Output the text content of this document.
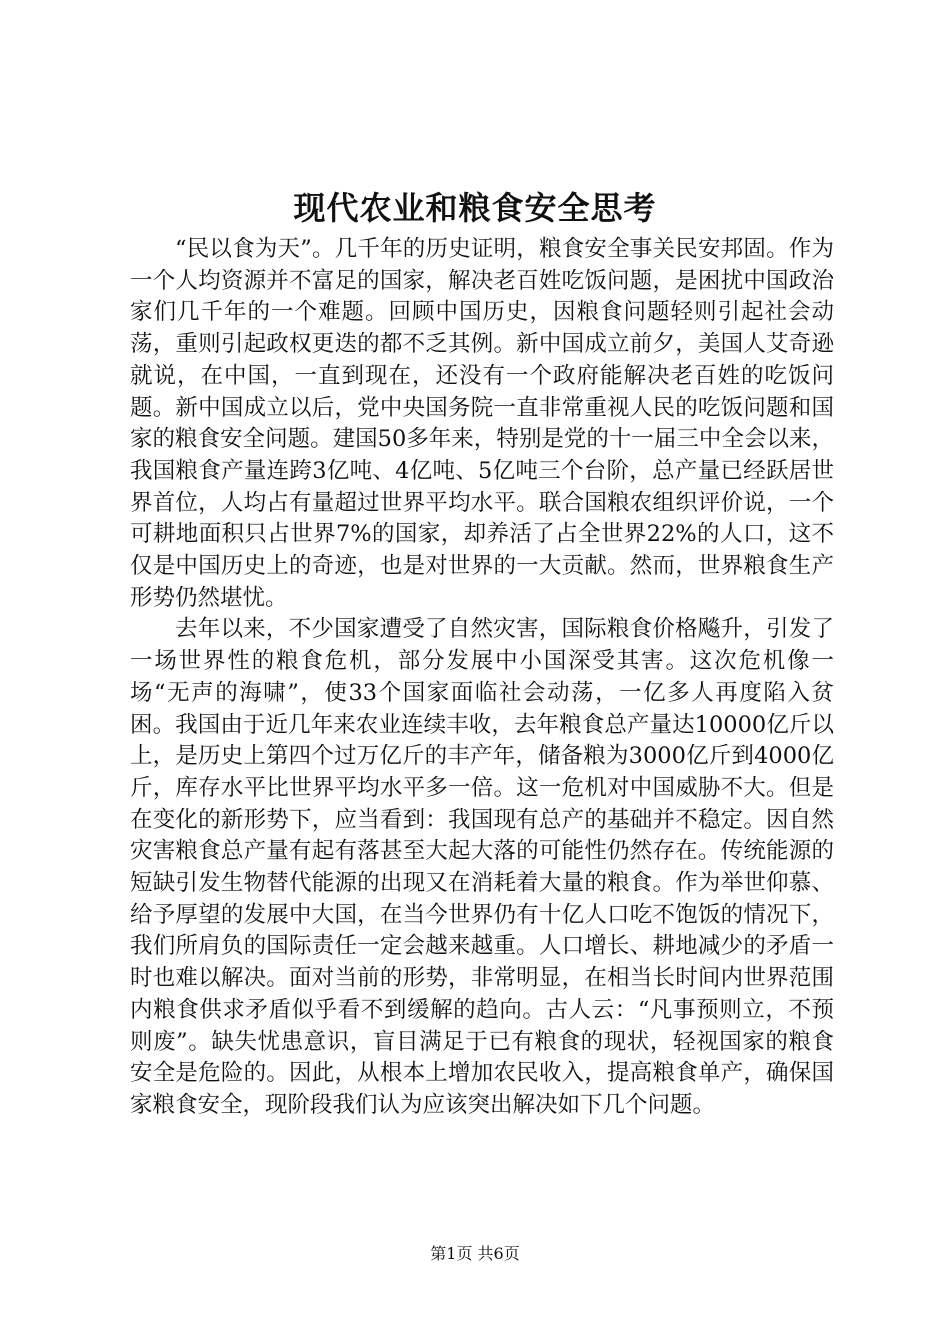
现代农业和粮食安全思考

“民以食为天”。几千年的历史证明，粮食安全事关民安邦固。作为一个人均资源并不富足的国家，解决老百姓吃饭问题，是困扰中国政治家们几千年的一个难题。回顾中国历史，因粮食问题轻则引起社会动荡，重则引起政权更迭的都不乏其例。新中国成立前夕，美国人艾奇逊就说，在中国，一直到现在，还没有一个政府能解决老百姓的吃饭问题。新中国成立以后，党中央国务院一直非常重视人民的吃饭问题和国家的粮食安全问题。建国50多年来，特别是党的十一届三中全会以来，我国粮食产量连跨3亿吨、4亿吨、5亿吨三个台阶，总产量已经跃居世界首位，人均占有量超过世界平均水平。联合国粮农组织评价说，一个可耕地面积只占世界7%的国家，却养活了占全世界22%的人口，这不仅是中国历史上的奇迹，也是对世界的一大贡献。然而，世界粮食生产形势仍然堪忧。

去年以来，不少国家遭受了自然灾害，国际粮食价格飚升，引发了一场世界性的粮食危机，部分发展中小国深受其害。这次危机像一场“无声的海啸”，使33个国家面临社会动荡，一亿多人再度陷入贫困。我国由于近几年来农业连续丰收，去年粮食总产量达10000亿斤以上，是历史上第四个过万亿斤的丰产年，储备粮为3000亿斤到4000亿斤，库存水平比世界平均水平多一倍。这一危机对中国威胁不大。但是在变化的新形势下，应当看到：我国现有总产的基础并不稳定。因自然灾害粮食总产量有起有落甚至大起大落的可能性仍然存在。传统能源的短缺引发生物替代能源的出现又在消耗着大量的粮食。作为举世仰慕、给予厚望的发展中大国，在当今世界仍有十亿人口吃不饱饭的情况下，我们所肩负的国际责任一定会越来越重。人口增长、耕地减少的矛盾一时也难以解决。面对当前的形势，非常明显，在相当长时间内世界范围内粮食供求矛盾似乎看不到缓解的趋向。古人云：“凡事预则立，不预则废”。缺失忧患意识，盲目满足于已有粮食的现状，轻视国家的粮食安全是危险的。因此，从根本上增加农民收入，提高粮食单产，确保国家粮食安全，现阶段我们认为应该突出解决如下几个问题。

第1页 共6页
